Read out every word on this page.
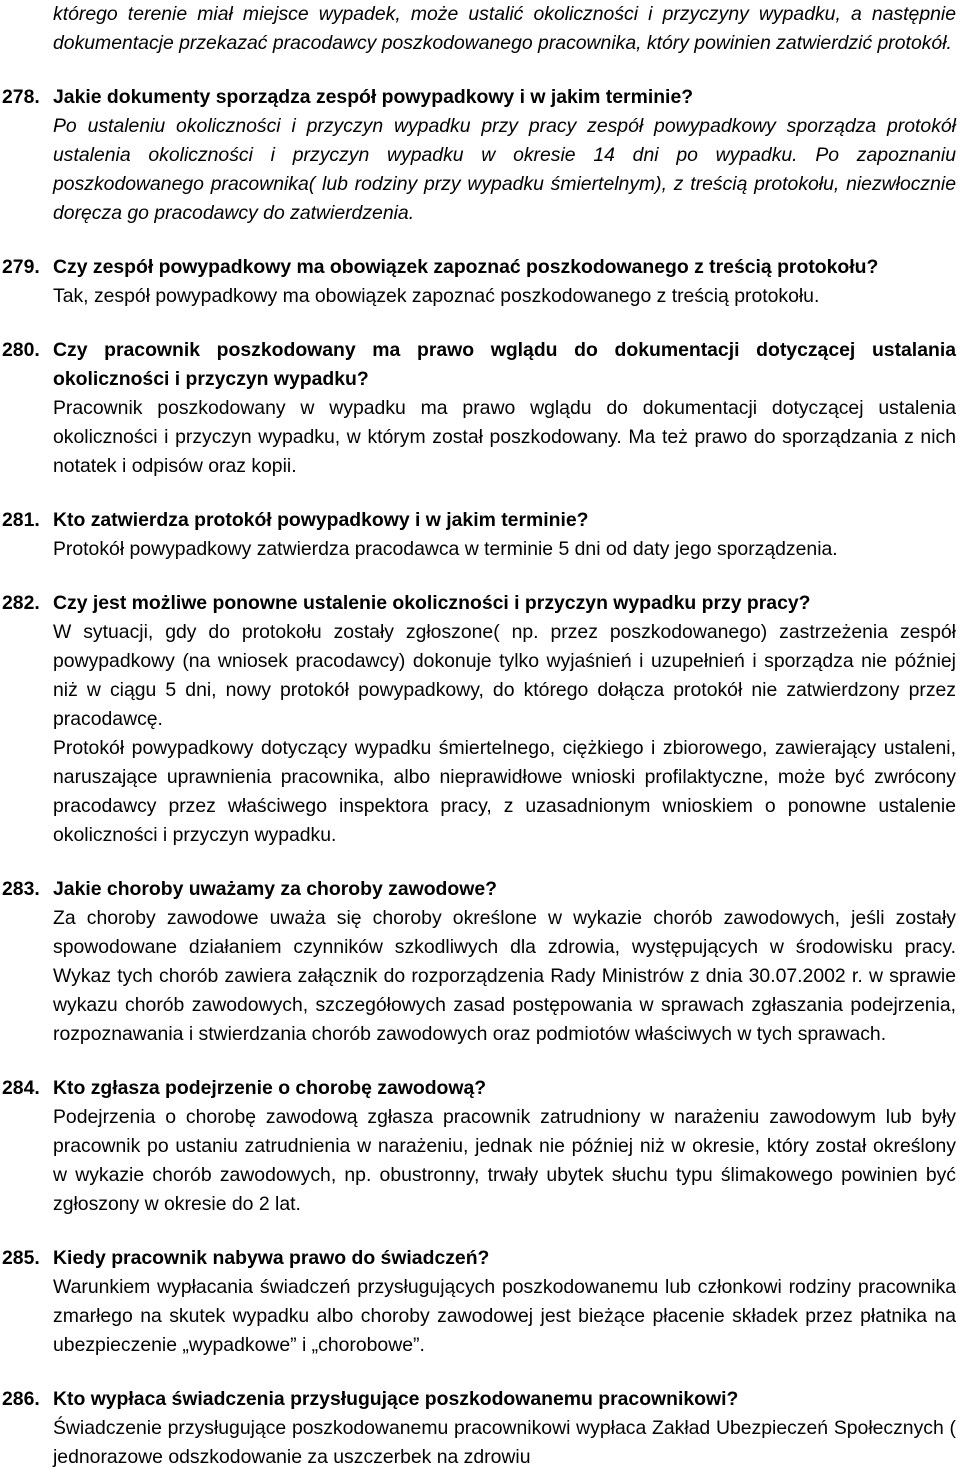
którego terenie miał miejsce wypadek, może ustalić okoliczności i przyczyny wypadku, a następnie dokumentacje przekazać pracodawcy poszkodowanego pracownika, który powinien zatwierdzić protokół.

278. Jakie dokumenty sporządza zespół powypadkowy i w jakim terminie?

Po ustaleniu okoliczności i przyczyn wypadku przy pracy zespół powypadkowy sporządza protokół ustalenia okoliczności i przyczyn wypadku w okresie 14 dni po wypadku. Po zapoznaniu poszkodowanego pracownika( lub rodziny przy wypadku śmiertelnym), z treścią protokołu, niezwłocznie doręcza go pracodawcy do zatwierdzenia.

279. Czy zespół powypadkowy ma obowiązek zapoznać poszkodowanego z treścią protokołu?

Tak, zespół powypadkowy ma obowiązek zapoznać poszkodowanego z treścią protokołu.

280. Czy pracownik poszkodowany ma prawo wglądu do dokumentacji dotyczącej ustalania okoliczności i przyczyn wypadku?

Pracownik poszkodowany w wypadku ma prawo wglądu do dokumentacji dotyczącej ustalenia okoliczności i przyczyn wypadku, w którym został poszkodowany. Ma też prawo do sporządzania z nich notatek i odpisów oraz kopii.

281. Kto zatwierdza protokół powypadkowy i w jakim terminie?

Protokół powypadkowy zatwierdza pracodawca w terminie 5 dni od daty jego sporządzenia.

282. Czy jest możliwe ponowne ustalenie okoliczności i przyczyn wypadku przy pracy?

W sytuacji, gdy do protokołu zostały zgłoszone( np. przez poszkodowanego) zastrzeżenia zespół powypadkowy (na wniosek pracodawcy) dokonuje tylko wyjaśnień i uzupełnień i sporządza nie później niż w ciągu 5 dni, nowy protokół powypadkowy, do którego dołącza protokół nie zatwierdzony przez pracodawcę.

Protokół powypadkowy dotyczący wypadku śmiertelnego, ciężkiego i zbiorowego, zawierający ustaleni, naruszające uprawnienia pracownika, albo nieprawidłowe wnioski profilaktyczne, może być zwrócony pracodawcy przez właściwego inspektora pracy, z uzasadnionym wnioskiem o ponowne ustalenie okoliczności i przyczyn wypadku.

283. Jakie choroby uważamy za choroby zawodowe?

Za choroby zawodowe uważa się choroby określone w wykazie chorób zawodowych, jeśli zostały spowodowane działaniem czynników szkodliwych dla zdrowia, występujących w środowisku pracy. Wykaz tych chorób zawiera załącznik do rozporządzenia Rady Ministrów z dnia 30.07.2002 r. w sprawie wykazu chorób zawodowych, szczegółowych zasad postępowania w sprawach zgłaszania podejrzenia, rozpoznawania i stwierdzania chorób zawodowych oraz podmiotów właściwych w tych sprawach.

284. Kto zgłasza podejrzenie o chorobę zawodową?

Podejrzenia o chorobę zawodową zgłasza pracownik zatrudniony w narażeniu zawodowym lub były pracownik po ustaniu zatrudnienia w narażeniu, jednak nie później niż w okresie, który został określony w wykazie chorób zawodowych, np. obustronny, trwały ubytek słuchu typu ślimakowego powinien być zgłoszony w okresie do 2 lat.

285. Kiedy pracownik nabywa prawo do świadczeń?

Warunkiem wypłacania świadczeń przysługujących poszkodowanemu lub członkowi rodziny pracownika zmarłego na skutek wypadku albo choroby zawodowej jest bieżące płacenie składek przez płatnika na ubezpieczenie „wypadkowe” i „chorobowe”.

286. Kto wypłaca świadczenia przysługujące poszkodowanemu pracownikowi?

Świadczenie przysługujące poszkodowanemu pracownikowi wypłaca Zakład Ubezpieczeń Społecznych ( jednorazowe odszkodowanie za uszczerbek na zdrowiu
